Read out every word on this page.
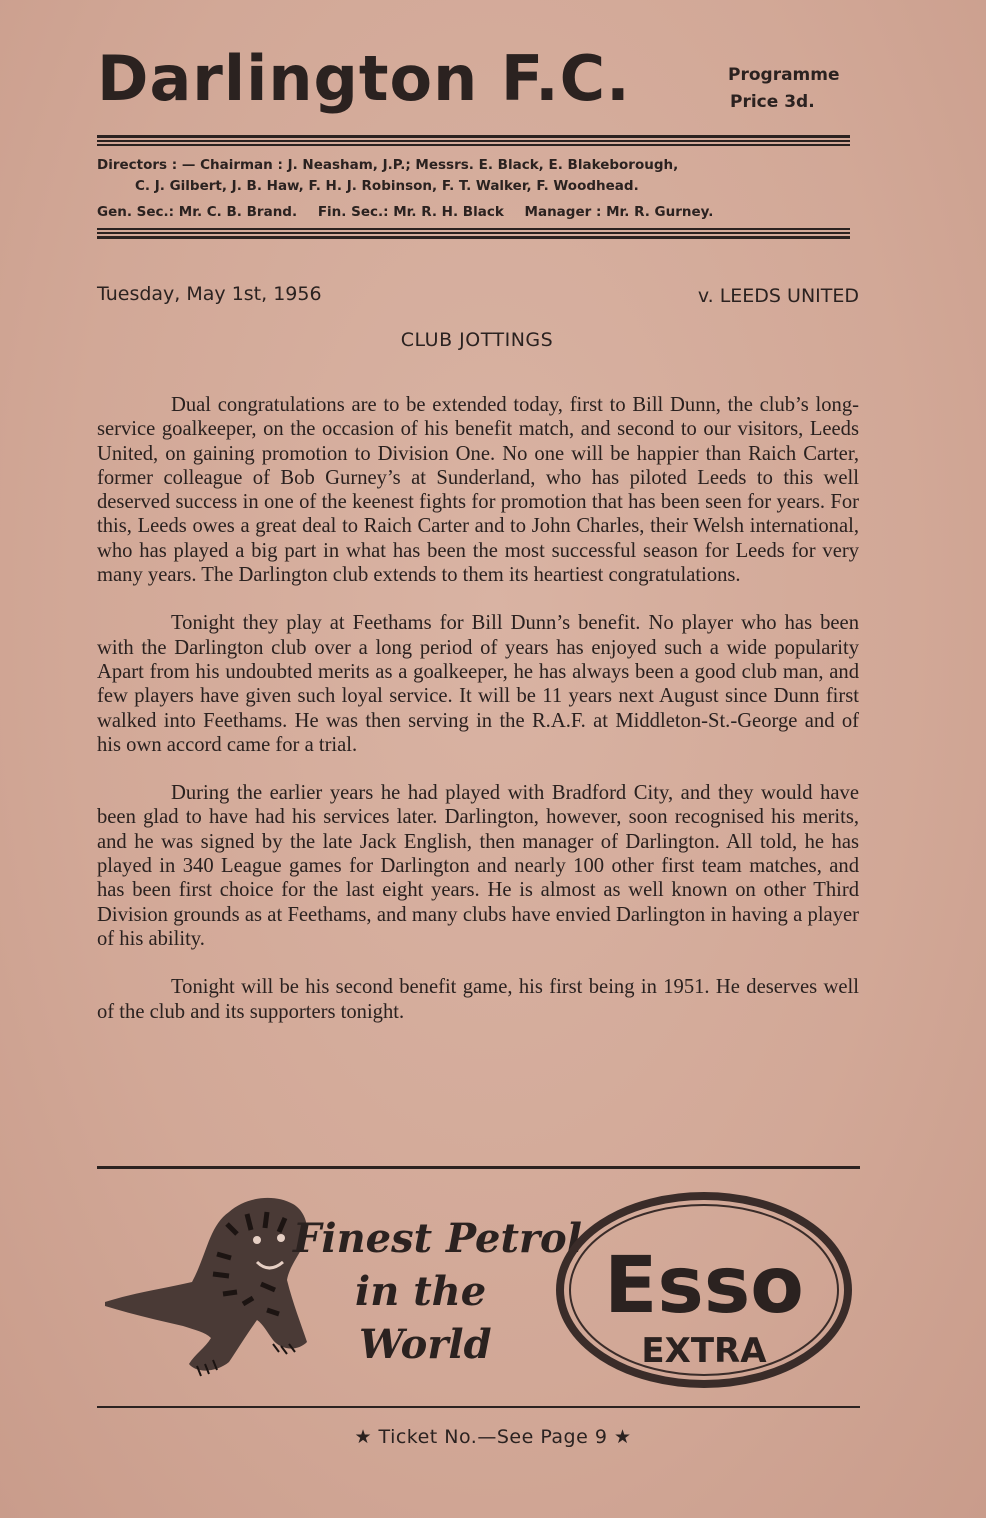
Darlington F.C.	Programme
Price 3d.
Directors : — Chairman : J. Neasham, J.P.; Messrs. E. Black, E. Blakeborough,
C. J. Gilbert, J. B. Haw, F. H. J. Robinson, F. T. Walker, F. Woodhead.
Gen. Sec.: Mr. C. B. Brand. Fin. Sec.: Mr. R. H. Black Manager : Mr. R. Gurney.
Tuesday, May 1st, 1956	v. LEEDS UNITED
CLUB JOTTINGS

Dual congratulations are to be extended today, first to Bill Dunn, the club’s long-service goalkeeper, on the occasion of his benefit match, and second to our visitors, Leeds United, on gaining promotion to Division One. No one will be happier than Raich Carter, former colleague of Bob Gurney’s at Sunderland, who has piloted Leeds to this well deserved success in one of the keenest fights for promotion that has been seen for years. For this, Leeds owes a great deal to Raich Carter and to John Charles, their Welsh international, who has played a big part in what has been the most successful season for Leeds for very many years. The Darlington club extends to them its heartiest congratulations.

Tonight they play at Feethams for Bill Dunn’s benefit. No player who has been with the Darlington club over a long period of years has enjoyed such a wide popularity Apart from his undoubted merits as a goalkeeper, he has always been a good club man, and few players have given such loyal service. It will be 11 years next August since Dunn first walked into Feethams. He was then serving in the R.A.F. at Middleton-St.-George and of his own accord came for a trial.

During the earlier years he had played with Bradford City, and they would have been glad to have had his services later. Darlington, however, soon recognised his merits, and he was signed by the late Jack English, then manager of Darlington. All told, he has played in 340 League games for Darlington and nearly 100 other first team matches, and has been first choice for the last eight years. He is almost as well known on other Third Division grounds as at Feethams, and many clubs have envied Darlington in having a player of his ability.

Tonight will be his second benefit game, his first being in 1951. He deserves well of the club and its supporters tonight.

Finest Petrol
in the
World
Esso
EXTRA
★ Ticket No.—See Page 9 ★
